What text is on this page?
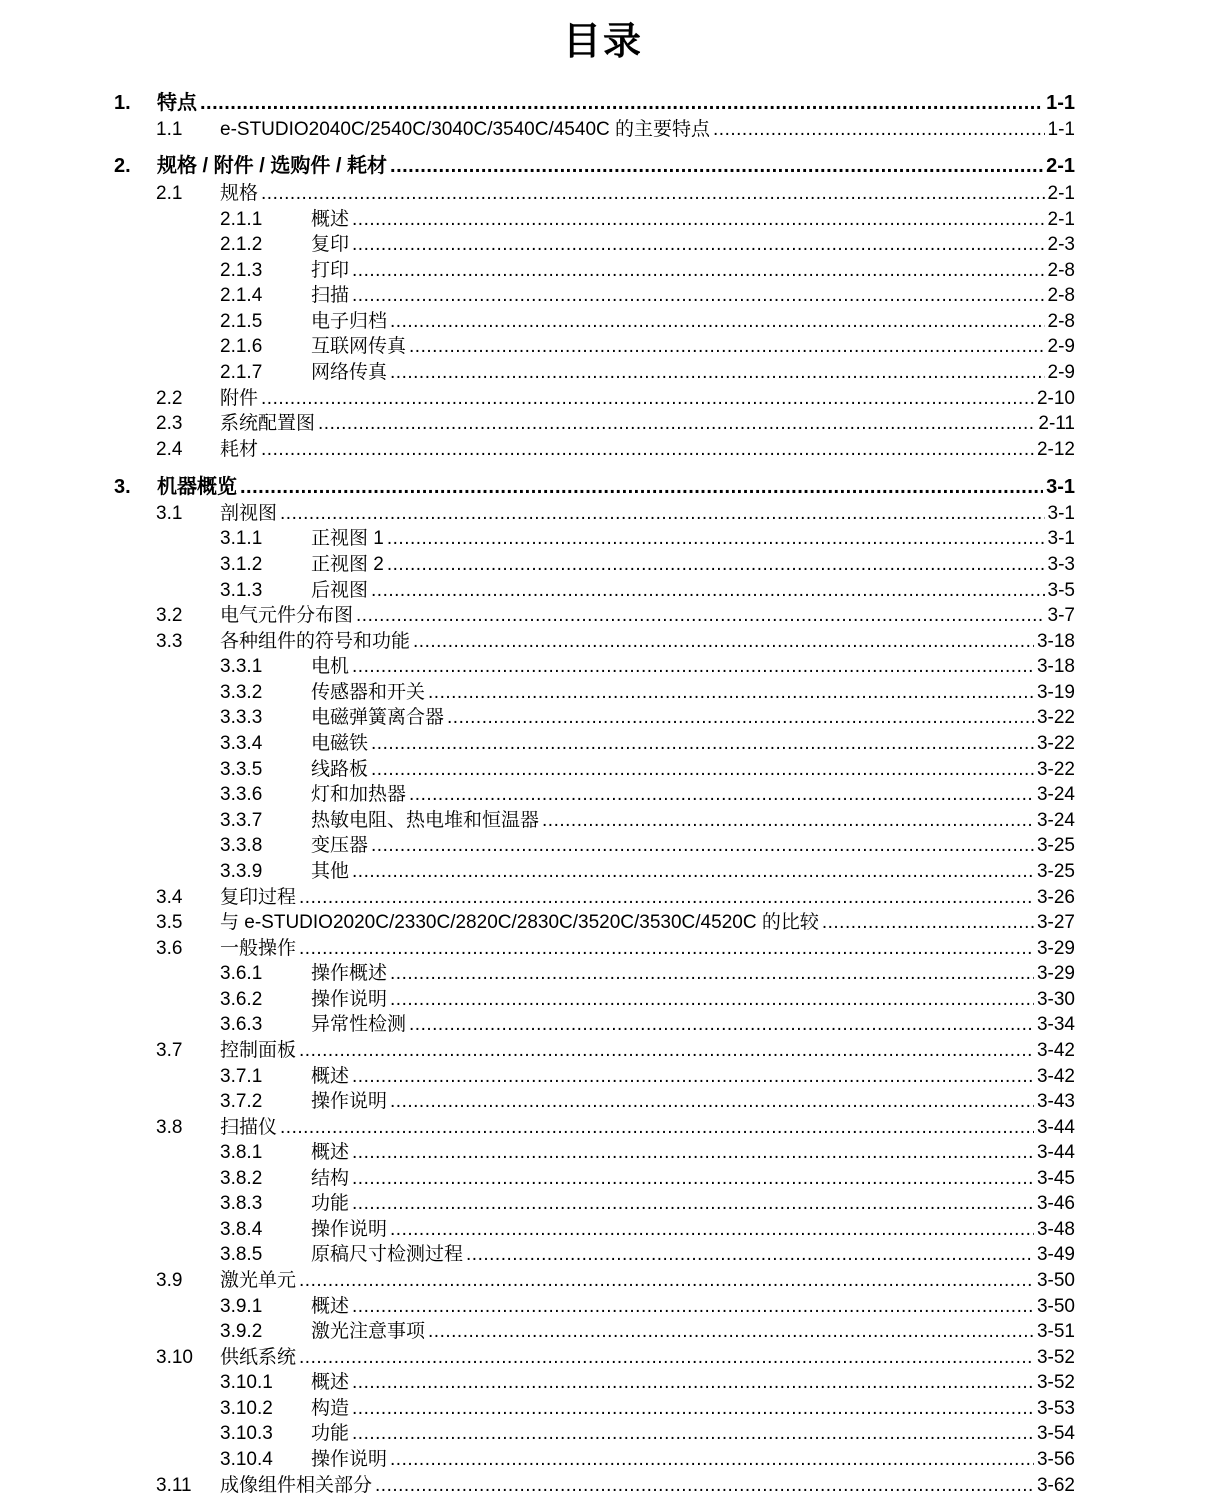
目录
1. 特点 .....	1-1
1.1 e-STUDIO2040C/2540C/3040C/3540C/4540C 的主要特点 .....	1-1
2. 规格 / 附件 / 选购件 / 耗材 .....	2-1
2.1 规格 .....	2-1
2.1.1	概述 .....	2-1
2.1.2	复印 .....	2-3
2.1.3	打印 .....	2-8
2.1.4	扫描 .....	2-8
2.1.5	电子归档 .....	2-8
2.1.6	互联网传真 .....	2-9
2.1.7	网络传真 .....	2-9
2.2 附件 .....	2-10
2.3 系统配置图 .....	2-11
2.4 耗材 .....	2-12
3. 机器概览 .....	3-1
3.1 剖视图 .....	3-1
3.1.1	正视图 1 .....	3-1
3.1.2	正视图 2 .....	3-3
3.1.3	后视图 .....	3-5
3.2 电气元件分布图 .....	3-7
3.3 各种组件的符号和功能 .....	3-18
3.3.1	电机 .....	3-18
3.3.2	传感器和开关 .....	3-19
3.3.3	电磁弹簧离合器 .....	3-22
3.3.4	电磁铁 .....	3-22
3.3.5	线路板 .....	3-22
3.3.6	灯和加热器 .....	3-24
3.3.7	热敏电阻、热电堆和恒温器 .....	3-24
3.3.8	变压器 .....	3-25
3.3.9	其他 .....	3-25
3.4 复印过程 .....	3-26
3.5 与 e-STUDIO2020C/2330C/2820C/2830C/3520C/3530C/4520C 的比较 .....	3-27
3.6 一般操作 .....	3-29
3.6.1	操作概述 .....	3-29
3.6.2	操作说明 .....	3-30
3.6.3	异常性检测 .....	3-34
3.7 控制面板 .....	3-42
3.7.1	概述 .....	3-42
3.7.2	操作说明 .....	3-43
3.8 扫描仪 .....	3-44
3.8.1	概述 .....	3-44
3.8.2	结构 .....	3-45
3.8.3	功能 .....	3-46
3.8.4	操作说明 .....	3-48
3.8.5	原稿尺寸检测过程 .....	3-49
3.9 激光单元 .....	3-50
3.9.1	概述 .....	3-50
3.9.2	激光注意事项 .....	3-51
3.10 供纸系统 .....	3-52
3.10.1 概述 .....	3-52
3.10.2 构造 .....	3-53
3.10.3 功能 .....	3-54
3.10.4 操作说明 .....	3-56
3.11 成像组件相关部分 .....	3-62
